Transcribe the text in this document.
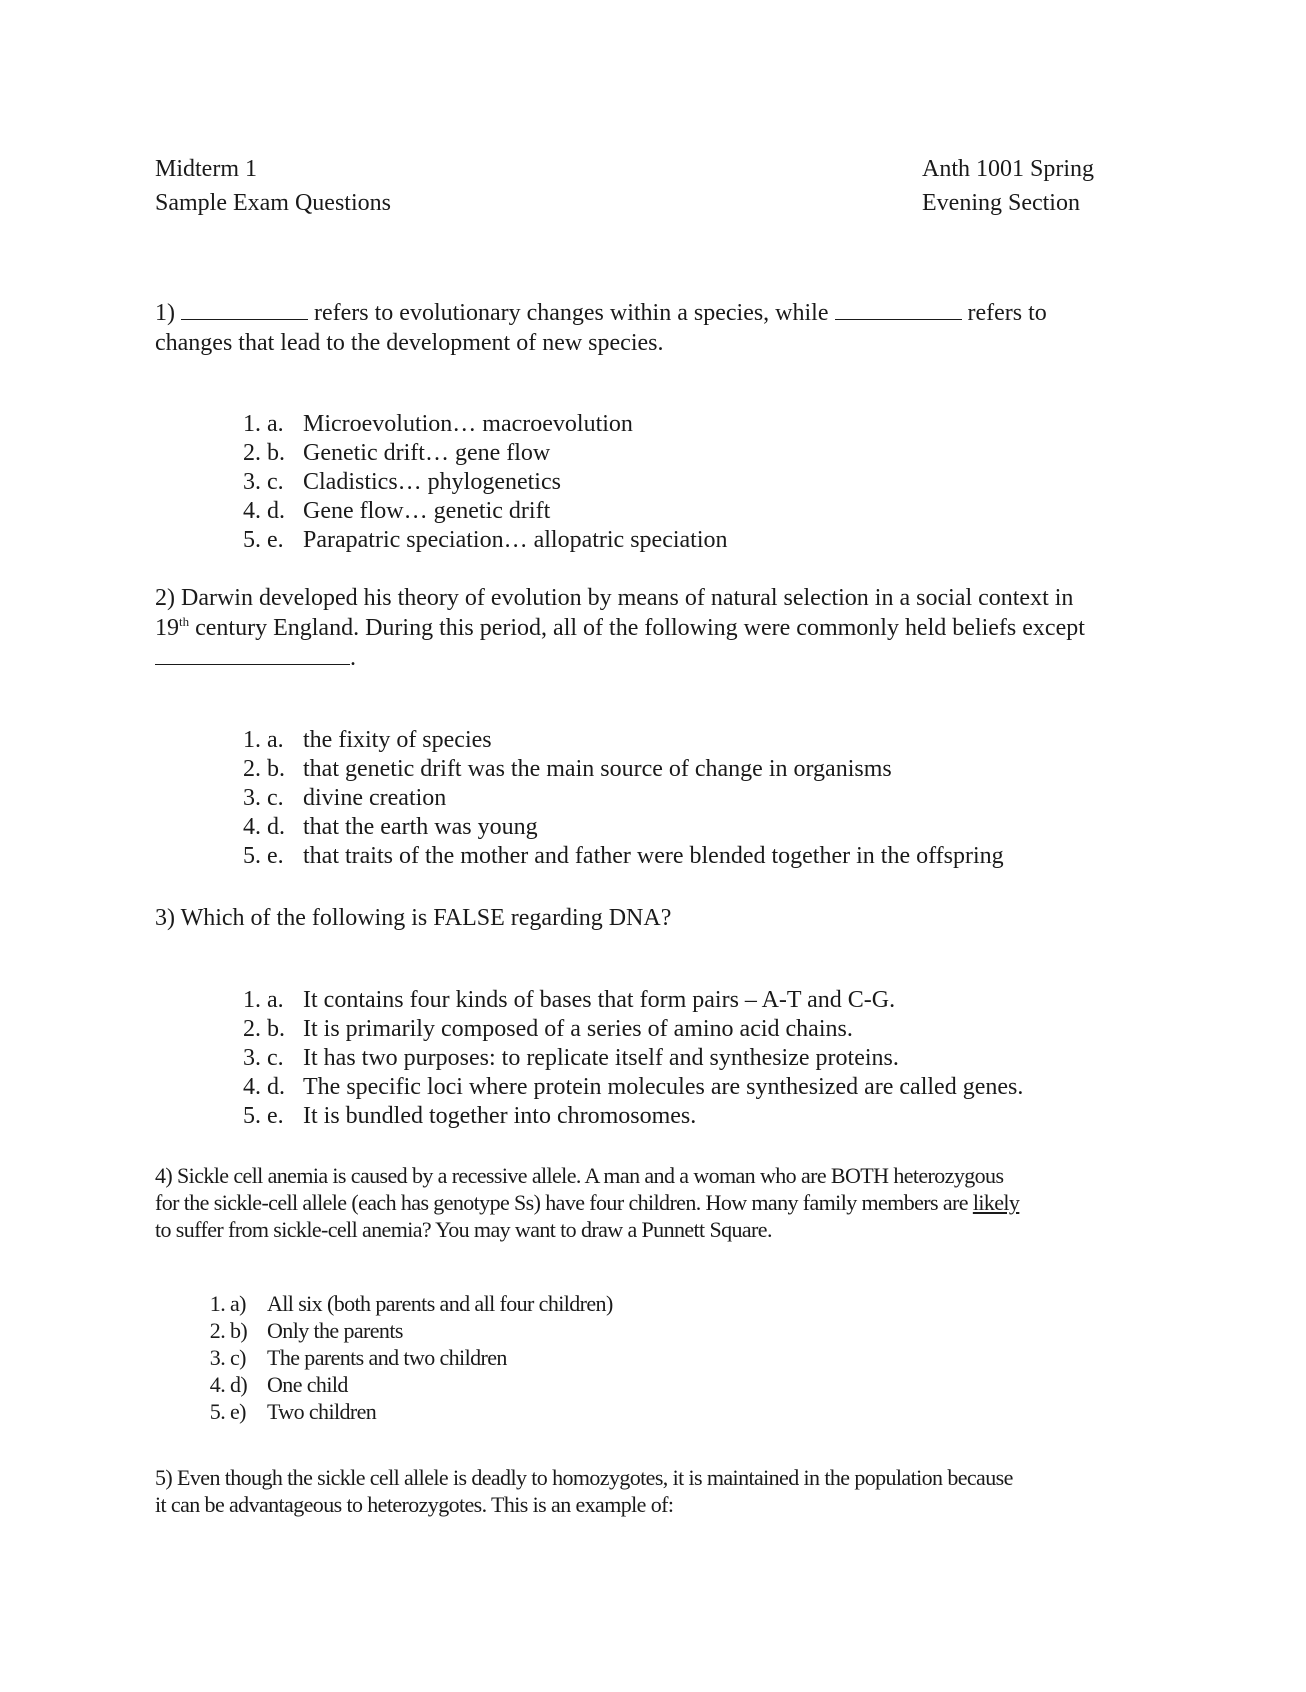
Midterm 1
Sample Exam Questions
Anth 1001 Spring
Evening Section

1)	refers to evolutionary changes within a species, while	refers to
changes that lead to the development of new species.

1. a. Microevolution… macroevolution
2. b. Genetic drift… gene flow
3. c. Cladistics… phylogenetics
4. d. Gene flow… genetic drift
5. e. Parapatric speciation… allopatric speciation

2) Darwin developed his theory of evolution by means of natural selection in a social context in
19th century England. During this period, all of the following were commonly held beliefs except
.

1. a. the fixity of species
2. b. that genetic drift was the main source of change in organisms
3. c. divine creation
4. d. that the earth was young
5. e. that traits of the mother and father were blended together in the offspring

3) Which of the following is FALSE regarding DNA?

1. a. It contains four kinds of bases that form pairs – A-T and C-G.
2. b. It is primarily composed of a series of amino acid chains.
3. c. It has two purposes: to replicate itself and synthesize proteins.
4. d. The specific loci where protein molecules are synthesized are called genes.
5. e. It is bundled together into chromosomes.

4) Sickle cell anemia is caused by a recessive allele. A man and a woman who are BOTH heterozygous
for the sickle-cell allele (each has genotype Ss) have four children. How many family members are likely
to suffer from sickle-cell anemia? You may want to draw a Punnett Square.

1. a) All six (both parents and all four children)
2. b) Only the parents
3. c) The parents and two children
4. d) One child
5. e) Two children

5) Even though the sickle cell allele is deadly to homozygotes, it is maintained in the population because
it can be advantageous to heterozygotes. This is an example of:
